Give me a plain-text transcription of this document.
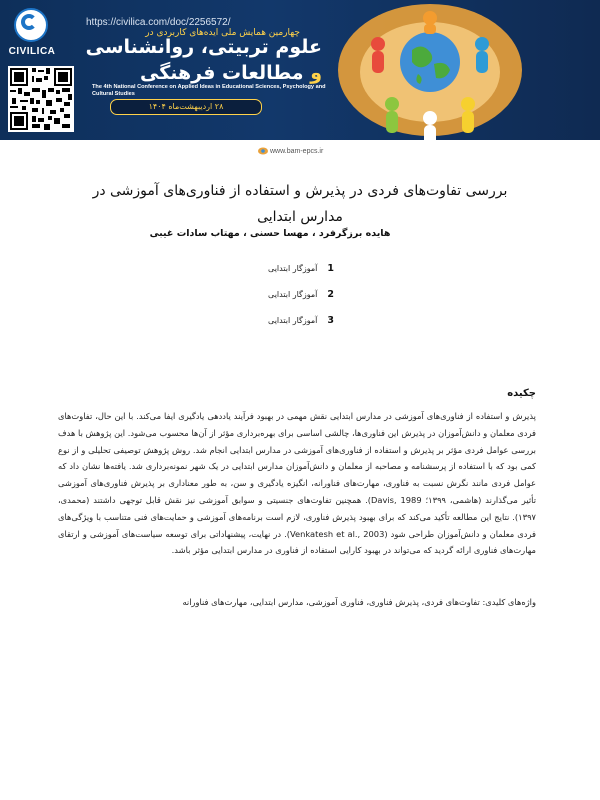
CIVILICA
https://civilica.com/doc/2256572/
چهارمین همایش ملی ایده‌های کاربردی در
علوم تربیتی، روانشناسی
و مطالعات فرهنگی
The 4th National Conference on Applied Ideas in Educational Sciences, Psychology and Cultural Studies
۲۸ اردیبهشت‌ماه ۱۴۰۴
www.bam-epcs.ir
بررسی تفاوت‌های فردی در پذیرش و استفاده از فناوری‌های آموزشی در مدارس ابتدایی
هایده برزگرفرد ، مهسا حسنی ، مهتاب سادات غیبی
1آموزگار ابتدایی
2آموزگار ابتدایی
3آموزگار ابتدایی
چکیده
پذیرش و استفاده از فناوری‌های آموزشی در مدارس ابتدایی نقش مهمی در بهبود فرآیند یاددهی یادگیری ایفا می‌کند. با این حال، تفاوت‌های فردی معلمان و دانش‌آموزان در پذیرش این فناوری‌ها، چالشی اساسی برای بهره‌برداری مؤثر از آن‌ها محسوب می‌شود. این پژوهش با هدف بررسی عوامل فردی مؤثر بر پذیرش و استفاده از فناوری‌های آموزشی در مدارس ابتدایی انجام شد. روش پژوهش توصیفی تحلیلی و از نوع کمی بود که با استفاده از پرسشنامه و مصاحبه از معلمان و دانش‌آموزان مدارس ابتدایی در یک شهر نمونه‌برداری شد. یافته‌ها نشان داد که عوامل فردی مانند نگرش نسبت به فناوری، مهارت‌های فناورانه، انگیزه یادگیری و سن، به طور معناداری بر پذیرش فناوری‌های آموزشی تأثیر می‌گذارند (هاشمی، ۱۳۹۹؛ Davis, 1989). همچنین تفاوت‌های جنسیتی و سوابق آموزشی نیز نقش قابل توجهی داشتند (محمدی، ۱۳۹۷). نتایج این مطالعه تأکید می‌کند که برای بهبود پذیرش فناوری، لازم است برنامه‌های آموزشی و حمایت‌های فنی متناسب با ویژگی‌های فردی معلمان و دانش‌آموزان طراحی شود (Venkatesh et al., 2003). در نهایت، پیشنهاداتی برای توسعه سیاست‌های آموزشی و ارتقای مهارت‌های فناوری ارائه گردید که می‌تواند در بهبود کارایی استفاده از فناوری در مدارس ابتدایی مؤثر باشد.
واژه‌های کلیدی: تفاوت‌های فردی، پذیرش فناوری، فناوری آموزشی، مدارس ابتدایی، مهارت‌های فناورانه
